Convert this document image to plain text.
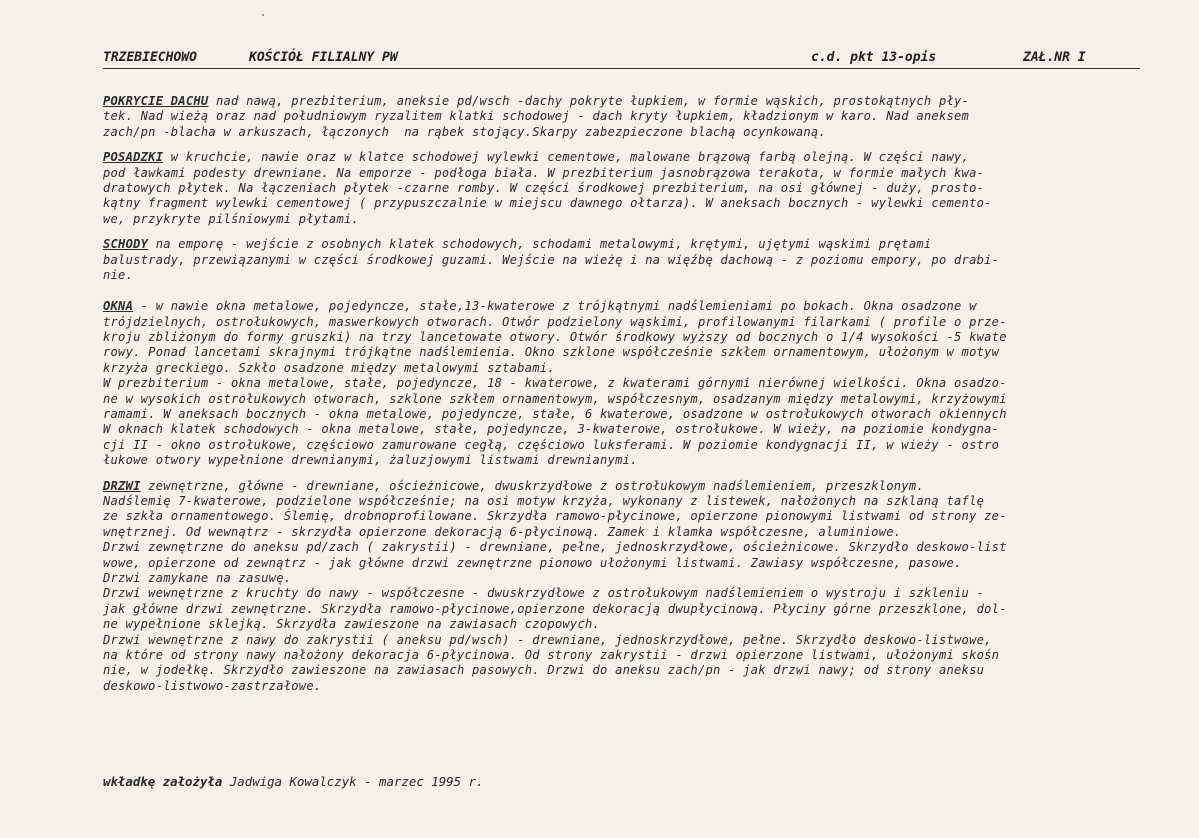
TRZEBIECHOWO	KOŚCIÓŁ FILIALNY PW	c.d. pkt 13-opis	ZAŁ.NR I
POKRYCIE DACHU nad nawą, prezbiterium, aneksie pd/wsch -dachy pokryte łupkiem, w formie wąskich, prostokątnych pły-
tek. Nad wieżą oraz nad południowym ryzalitem klatki schodowej - dach kryty łupkiem, kładzionym w karo. Nad aneksem
zach/pn -blacha w arkuszach, łączonych  na rąbek stojący.Skarpy zabezpieczone blachą ocynkowaną.
POSADZKI w kruchcie, nawie oraz w klatce schodowej wylewki cementowe, malowane brązową farbą olejną. W części nawy,
pod ławkami podesty drewniane. Na emporze - podłoga biała. W prezbiterium jasnobrązowa terakota, w formie małych kwa-
dratowych płytek. Na łączeniach płytek -czarne romby. W części środkowej prezbiterium, na osi głównej - duży, prosto-
kątny fragment wylewki cementowej ( przypuszczalnie w miejscu dawnego ołtarza). W aneksach bocznych - wylewki cemento-
we, przykryte pilśniowymi płytami.
SCHODY na emporę - wejście z osobnych klatek schodowych, schodami metalowymi, krętymi, ujętymi wąskimi prętami
balustrady, przewiązanymi w części środkowej guzami. Wejście na wieżę i na więźbę dachową - z poziomu empory, po drabi-
nie.
OKNA - w nawie okna metalowe, pojedyncze, stałe,13-kwaterowe z trójkątnymi nadślemieniami po bokach. Okna osadzone w
trójdzielnych, ostrołukowych, maswerkowych otworach. Otwór podzielony wąskimi, profilowanymi filarkami ( profile o prze-
kroju zbliżonym do formy gruszki) na trzy lancetowate otwory. Otwór środkowy wyższy od bocznych o 1/4 wysokości -5 kwate
rowy. Ponad lancetami skrajnymi trójkątne nadślemienia. Okno szklone współcześnie szkłem ornamentowym, ułożonym w motyw
krzyża greckiego. Szkło osadzone między metalowymi sztabami.
W prezbiterium - okna metalowe, stałe, pojedyncze, 18 - kwaterowe, z kwaterami górnymi nierównej wielkości. Okna osadzo-
ne w wysokich ostrołukowych otworach, szklone szkłem ornamentowym, współczesnym, osadzanym między metalowymi, krzyżowymi
ramami. W aneksach bocznych - okna metalowe, pojedyncze, stałe, 6 kwaterowe, osadzone w ostrołukowych otworach okiennych
W oknach klatek schodowych - okna metalowe, stałe, pojedyncze, 3-kwaterowe, ostrołukowe. W wieży, na poziomie kondygna-
cji II - okno ostrołukowe, częściowo zamurowane cegłą, częściowo luksferami. W poziomie kondygnacji II, w wieży - ostro
łukowe otwory wypełnione drewnianymi, żaluzjowymi listwami drewnianymi.
DRZWI zewnętrzne, główne - drewniane, ościeżnicowe, dwuskrzydłowe z ostrołukowym nadślemieniem, przeszklonym.
Nadślemię 7-kwaterowe, podzielone współcześnie; na osi motyw krzyża, wykonany z listewek, nałożonych na szklaną taflę
ze szkła ornamentowego. Ślemię, drobnoprofilowane. Skrzydła ramowo-płycinowe, opierzone pionowymi listwami od strony ze-
wnętrznej. Od wewnątrz - skrzydła opierzone dekoracją 6-płycinową. Zamek i klamka współczesne, aluminiowe.
Drzwi zewnętrzne do aneksu pd/zach ( zakrystii) - drewniane, pełne, jednoskrzydłowe, ościeżnicowe. Skrzydło deskowo-list
wowe, opierzone od zewnątrz - jak główne drzwi zewnętrzne pionowo ułożonymi listwami. Zawiasy współczesne, pasowe.
Drzwi zamykane na zasuwę.
Drzwi wewnętrzne z kruchty do nawy - współczesne - dwuskrzydłowe z ostrołukowym nadślemieniem o wystroju i szkleniu -
jak główne drzwi zewnętrzne. Skrzydła ramowo-płycinowe,opierzone dekoracją dwupłycinową. Płyciny górne przeszklone, dol-
ne wypełnione sklejką. Skrzydła zawieszone na zawiasach czopowych.
Drzwi wewnętrzne z nawy do zakrystii ( aneksu pd/wsch) - drewniane, jednoskrzydłowe, pełne. Skrzydło deskowo-listwowe,
na które od strony nawy nałożony dekoracja 6-płycinowa. Od strony zakrystii - drzwi opierzone listwami, ułożonymi skośn
nie, w jodełkę. Skrzydło zawieszone na zawiasach pasowych. Drzwi do aneksu zach/pn - jak drzwi nawy; od strony aneksu
deskowo-listwowo-zastrzałowe.
wkładkę założyła Jadwiga Kowalczyk - marzec 1995 r.
